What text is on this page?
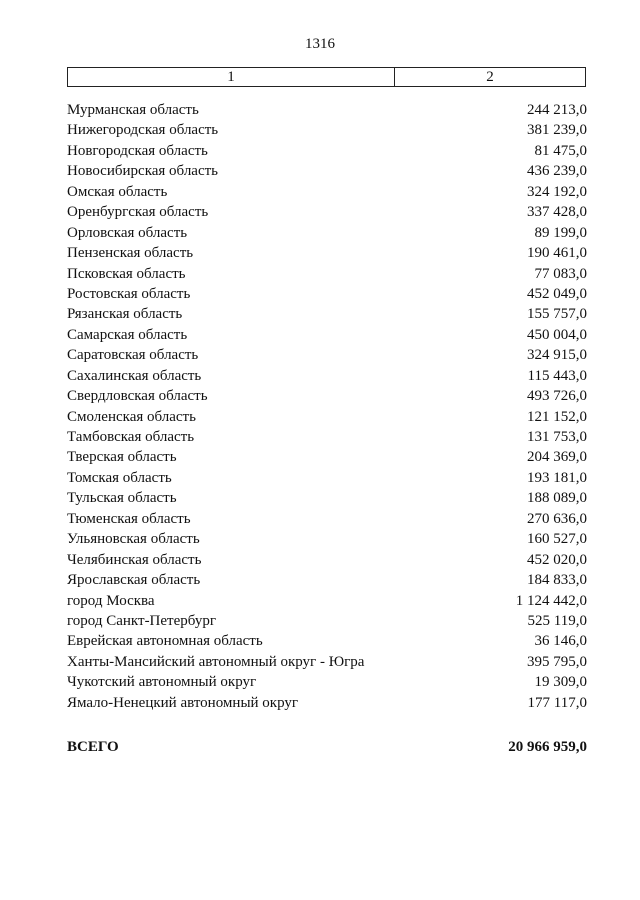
1316
1	2
Мурманская область	244 213,0
Нижегородская область	381 239,0
Новгородская область	81 475,0
Новосибирская область	436 239,0
Омская область	324 192,0
Оренбургская область	337 428,0
Орловская область	89 199,0
Пензенская область	190 461,0
Псковская область	77 083,0
Ростовская область	452 049,0
Рязанская область	155 757,0
Самарская область	450 004,0
Саратовская область	324 915,0
Сахалинская область	115 443,0
Свердловская область	493 726,0
Смоленская область	121 152,0
Тамбовская область	131 753,0
Тверская область	204 369,0
Томская область	193 181,0
Тульская область	188 089,0
Тюменская область	270 636,0
Ульяновская область	160 527,0
Челябинская область	452 020,0
Ярославская область	184 833,0
город Москва	1 124 442,0
город Санкт-Петербург	525 119,0
Еврейская автономная область	36 146,0
Ханты-Мансийский автономный округ - Югра	395 795,0
Чукотский автономный округ	19 309,0
Ямало-Ненецкий автономный округ	177 117,0
ВСЕГО	20 966 959,0
